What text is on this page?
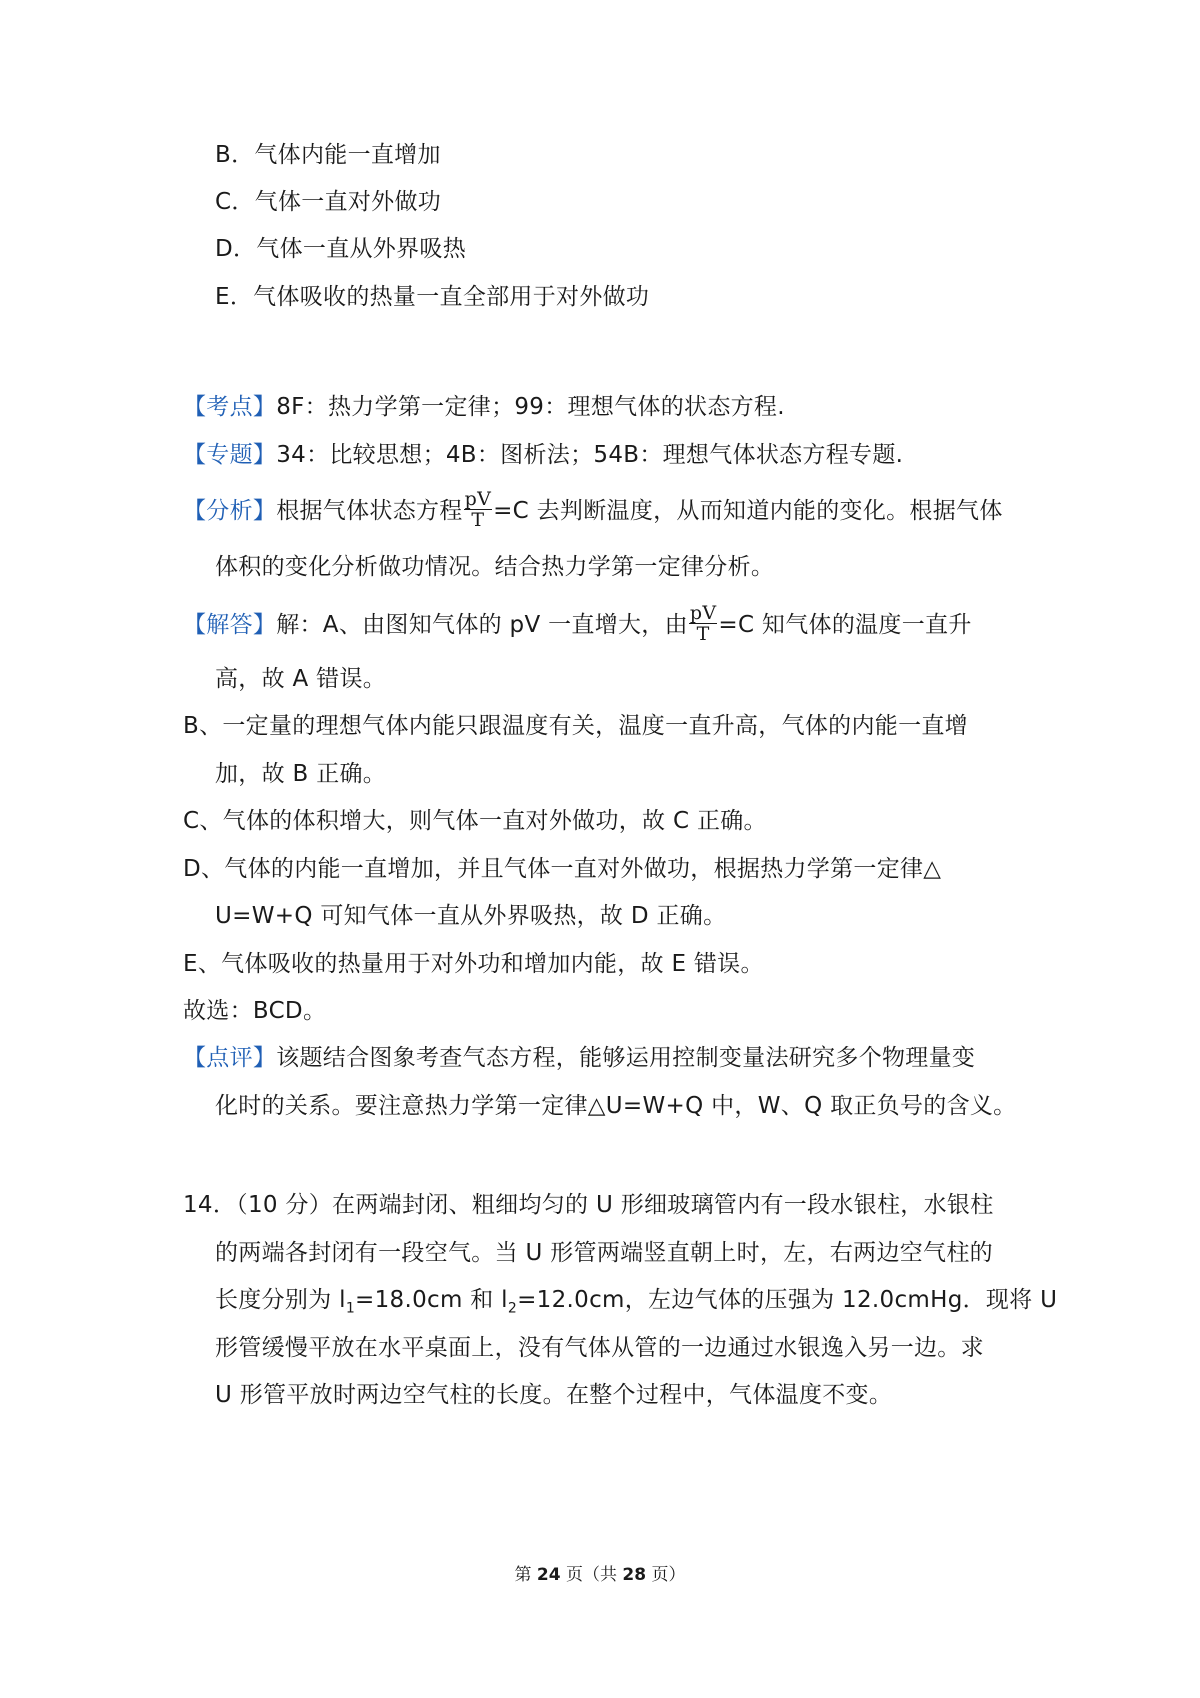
B．气体内能一直增加
C．气体一直对外做功
D．气体一直从外界吸热
E．气体吸收的热量一直全部用于对外做功
【考点】8F：热力学第一定律；99：理想气体的状态方程.
【专题】34：比较思想；4B：图析法；54B：理想气体状态方程专题.
【分析】根据气体状态方程 $\frac{pV}{T} =C$ 去判断温度，从而知道内能的变化。根据气体
体积的变化分析做功情况。结合热力学第一定律分析。
【解答】解：A、由图知气体的 pV 一直增大，由 $\frac{pV}{T} =C$ 知气体的温度一直升
高，故 A 错误。
B、一定量的理想气体内能只跟温度有关，温度一直升高，气体的内能一直增
加，故 B 正确。
C、气体的体积增大，则气体一直对外做功，故 C 正确。
D、气体的内能一直增加，并且气体一直对外做功，根据热力学第一定律△
U=W+Q 可知气体一直从外界吸热，故 D 正确。
E、气体吸收的热量用于对外功和增加内能，故 E 错误。
故选：BCD。
【点评】该题结合图象考查气态方程，能够运用控制变量法研究多个物理量变
化时的关系。要注意热力学第一定律△U=W+Q 中，W、Q 取正负号的含义。
14．（10 分）在两端封闭、粗细均匀的 U 形细玻璃管内有一段水银柱，水银柱
的两端各封闭有一段空气。当 U 形管两端竖直朝上时，左，右两边空气柱的
长度分别为 $l_1=18.0cm$ 和 $l_2=12.0cm$，左边气体的压强为 12.0cmHg．现将 U
形管缓慢平放在水平桌面上，没有气体从管的一边通过水银逸入另一边。求
U 形管平放时两边空气柱的长度。在整个过程中，气体温度不变。
第 24 页（共 28 页）
